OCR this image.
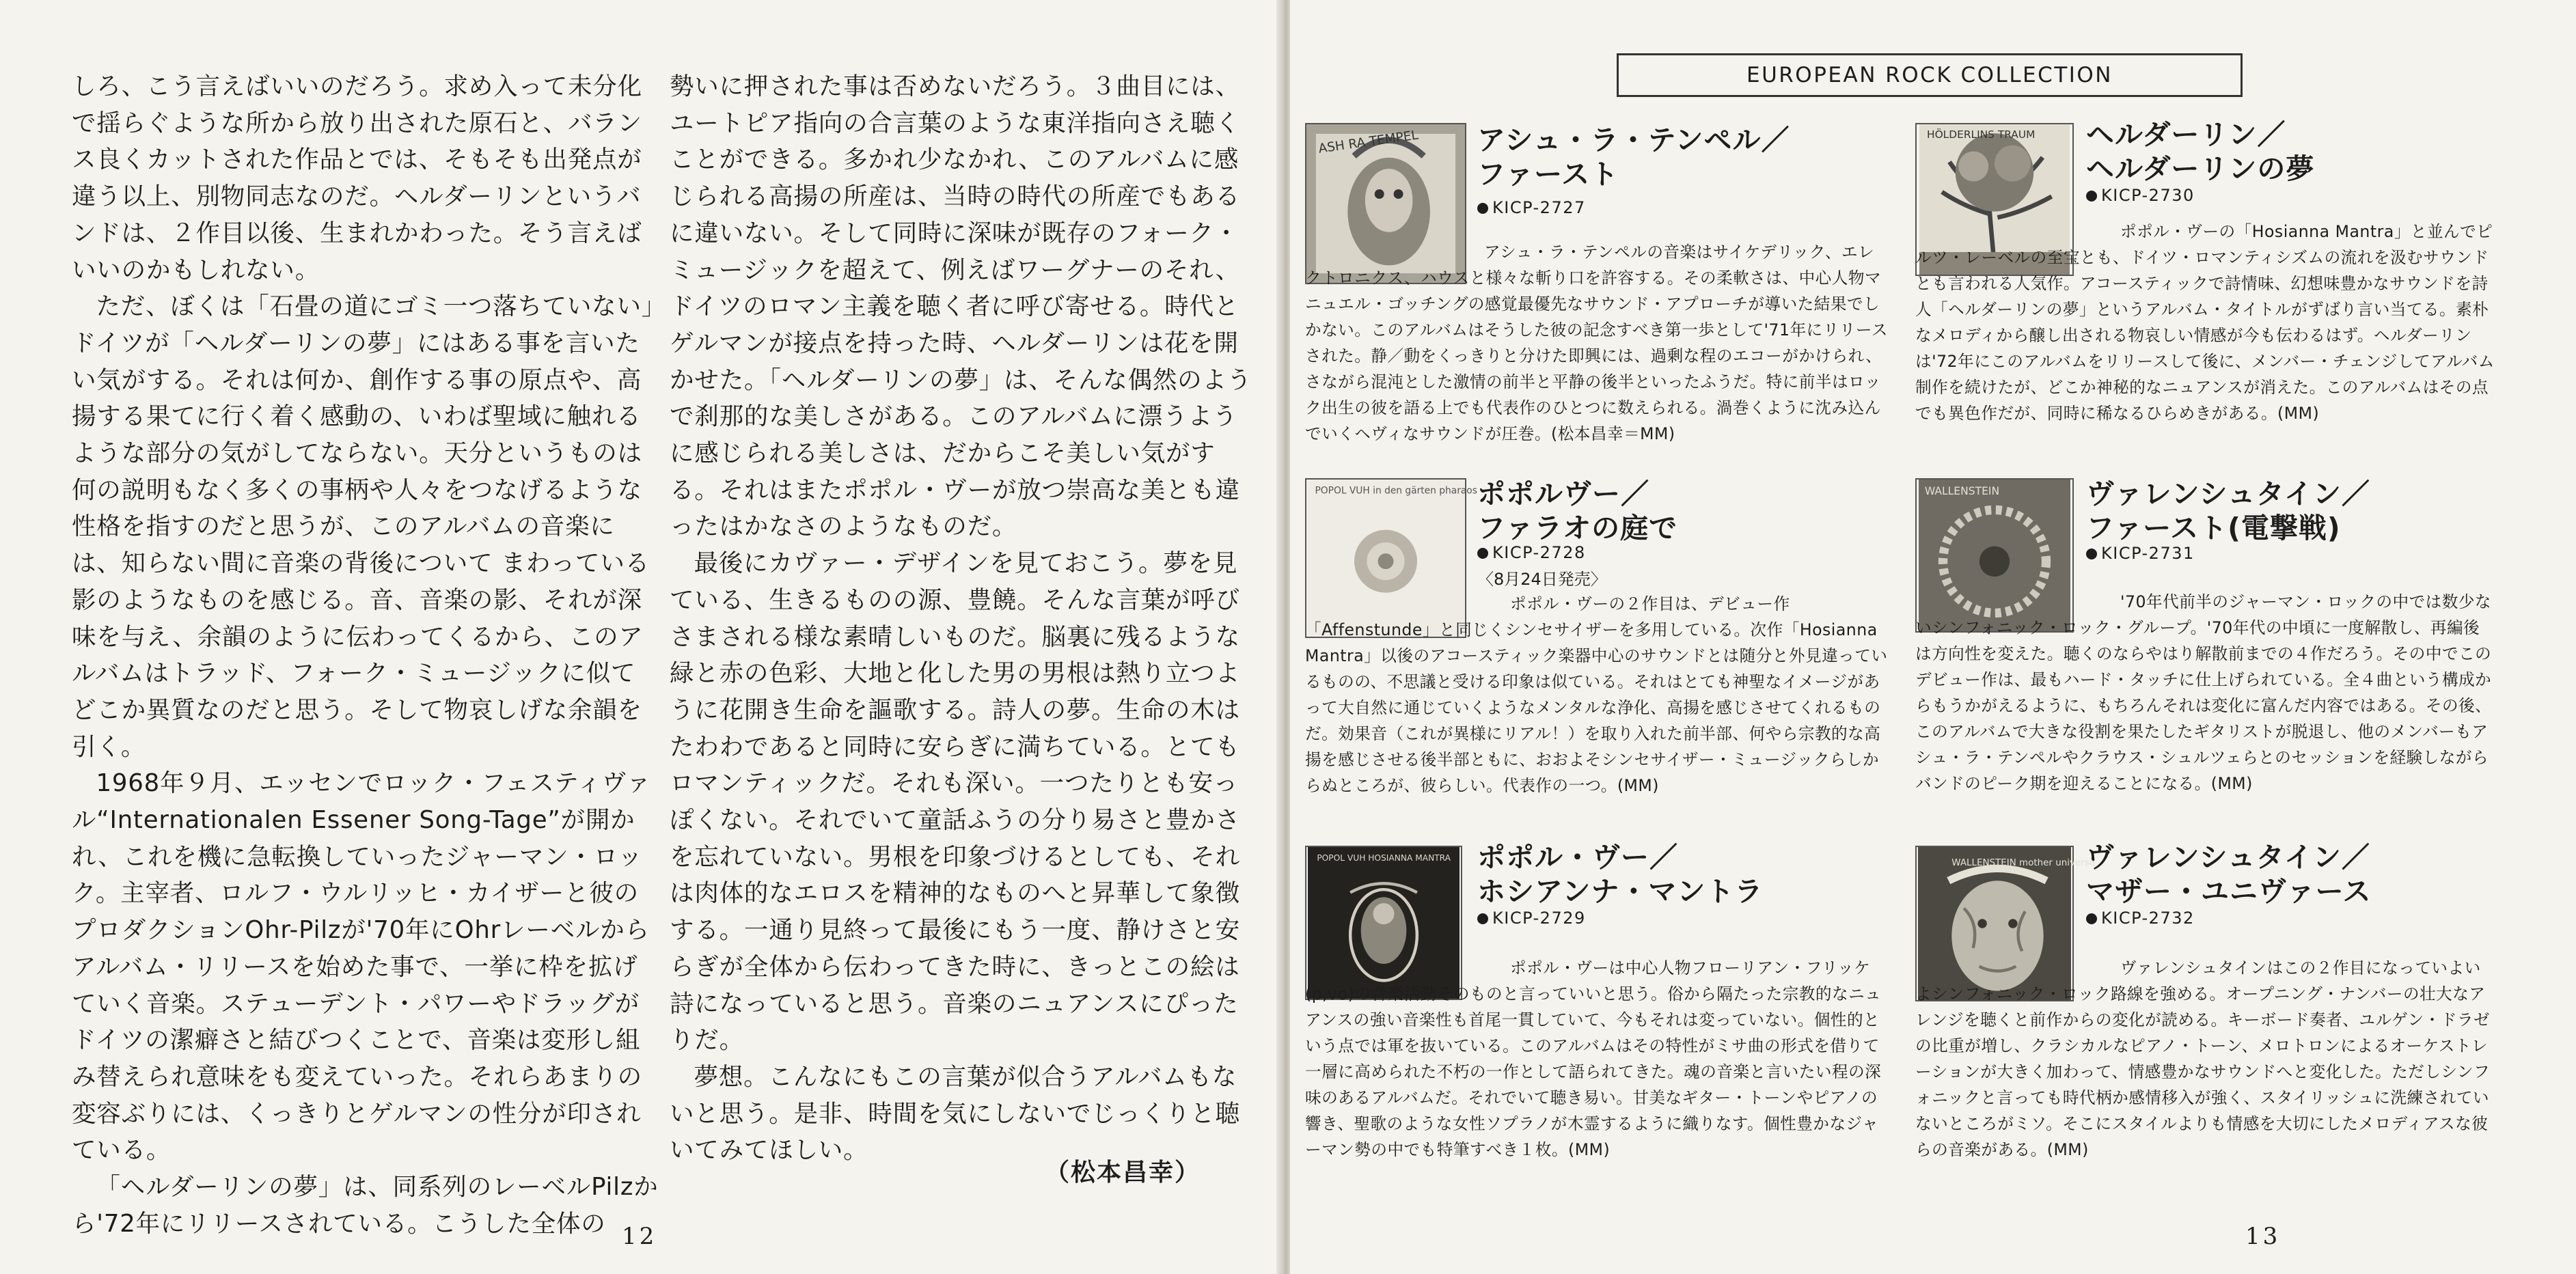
しろ、こう言えばいいのだろう。求め入って未分化で揺らぐような所から放り出された原石と、バランス良くカットされた作品とでは、そもそも出発点が違う以上、別物同志なのだ。ヘルダーリンというバンドは、２作目以後、生まれかわった。そう言えばいいのかもしれない。

ただ、ぼくは「石畳の道にゴミ一つ落ちていない」ドイツが「ヘルダーリンの夢」にはある事を言いたい気がする。それは何か、創作する事の原点や、高揚する果てに行く着く感動の、いわば聖域に触れるような部分の気がしてならない。天分というものは何の説明もなく多くの事柄や人々をつなげるような性格を指すのだと思うが、このアルバムの音楽には、知らない間に音楽の背後について まわっている影のようなものを感じる。音、音楽の影、それが深味を与え、余韻のように伝わってくるから、このアルバムはトラッド、フォーク・ミュージックに似てどこか異質なのだと思う。そして物哀しげな余韻を引く。

1968年９月、エッセンでロック・フェスティヴァル“Internationalen Essener Song-Tage”が開かれ、これを機に急転換していったジャーマン・ロック。主宰者、ロルフ・ウルリッヒ・カイザーと彼のプロダクションOhr-Pilzが'70年にOhrレーベルからアルバム・リリースを始めた事で、一挙に枠を拡げていく音楽。ステューデント・パワーやドラッグがドイツの潔癖さと結びつくことで、音楽は変形し組み替えられ意味をも変えていった。それらあまりの変容ぶりには、くっきりとゲルマンの性分が印されている。

「ヘルダーリンの夢」は、同系列のレーベルPilzから'72年にリリースされている。こうした全体の

勢いに押された事は否めないだろう。３曲目には、ユートピア指向の合言葉のような東洋指向さえ聴くことができる。多かれ少なかれ、このアルバムに感じられる高揚の所産は、当時の時代の所産でもあるに違いない。そして同時に深味が既存のフォーク・ミュージックを超えて、例えばワーグナーのそれ、ドイツのロマン主義を聴く者に呼び寄せる。時代とゲルマンが接点を持った時、ヘルダーリンは花を開かせた。「ヘルダーリンの夢」は、そんな偶然のようで刹那的な美しさがある。このアルバムに漂うように感じられる美しさは、だからこそ美しい気がする。それはまたポポル・ヴーが放つ崇高な美とも違ったはかなさのようなものだ。

最後にカヴァー・デザインを見ておこう。夢を見ている、生きるものの源、豊饒。そんな言葉が呼びさまされる様な素晴しいものだ。脳裏に残るような緑と赤の色彩、大地と化した男の男根は熱り立つように花開き生命を謳歌する。詩人の夢。生命の木はたわわであると同時に安らぎに満ちている。とてもロマンティックだ。それも深い。一つたりとも安っぽくない。それでいて童話ふうの分り易さと豊かさを忘れていない。男根を印象づけるとしても、それは肉体的なエロスを精神的なものへと昇華して象徴する。一通り見終って最後にもう一度、静けさと安らぎが全体から伝わってきた時に、きっとこの絵は詩になっていると思う。音楽のニュアンスにぴったりだ。

夢想。こんなにもこの言葉が似合うアルバムもないと思う。是非、時間を気にしないでじっくりと聴いてみてほしい。

（松本昌幸）
12
EUROPEAN ROCK COLLECTION
ASH RA TEMPEL アシュ・ラ・テンペル／
ファースト
KICP-2727

アシュ・ラ・テンペルの音楽はサイケデリック、エレクトロニクス、ハウスと様々な斬り口を許容する。その柔軟さは、中心人物マニュエル・ゴッチングの感覚最優先なサウンド・アプローチが導いた結果でしかない。このアルバムはそうした彼の記念すべき第一歩として'71年にリリースされた。静／動をくっきりと分けた即興には、過剰な程のエコーがかけられ、さながら混沌とした激情の前半と平静の後半といったふうだ。特に前半はロック出生の彼を語る上でも代表作のひとつに数えられる。渦巻くように沈み込んでいくヘヴィなサウンドが圧巻。(松本昌幸＝MM)

HÖLDERLINS TRAUM ヘルダーリン／
ヘルダーリンの夢
KICP-2730

ポポル・ヴーの「Hosianna Mantra」と並んでピルツ・レーベルの至宝とも、ドイツ・ロマンティシズムの流れを汲むサウンドとも言われる人気作。アコースティックで詩情味、幻想味豊かなサウンドを詩人「ヘルダーリンの夢」というアルバム・タイトルがずばり言い当てる。素朴なメロディから醸し出される物哀しい情感が今も伝わるはず。ヘルダーリンは'72年にこのアルバムをリリースして後に、メンバー・チェンジしてアルバム制作を続けたが、どこか神秘的なニュアンスが消えた。このアルバムはその点でも異色作だが、同時に稀なるひらめきがある。(MM)

POPOL VUH in den gärten pharaos ポポルヴー／
ファラオの庭で
KICP-2728
〈8月24日発売〉

ポポル・ヴーの２作目は、デビュー作「Affenstunde」と同じくシンセサイザーを多用している。次作「Hosianna Mantra」以後のアコースティック楽器中心のサウンドとは随分と外見違っているものの、不思議と受ける印象は似ている。それはとても神聖なイメージがあって大自然に通じていくようなメンタルな浄化、高揚を感じさせてくれるものだ。効果音（これが異様にリアル！）を取り入れた前半部、何やら宗教的な高揚を感じさせる後半部ともに、おおよそシンセサイザー・ミュージックらしからぬところが、彼らしい。代表作の一つ。(MM)

WALLENSTEIN	ヴァレンシュタイン／
ファースト(電撃戦)
KICP-2731

'70年代前半のジャーマン・ロックの中では数少ないシンフォニック・ロック・グループ。'70年代の中頃に一度解散し、再編後は方向性を変えた。聴くのならやはり解散前までの４作だろう。その中でこのデビュー作は、最もハード・タッチに仕上げられている。全４曲という構成からもうかがえるように、もちろんそれは変化に富んだ内容ではある。その後、このアルバムで大きな役割を果たしたギタリストが脱退し、他のメンバーもアシュ・ラ・テンペルやクラウス・シュルツェらとのセッションを経験しながらバンドのピーク期を迎えることになる。(MM)

POPOL VUH HOSIANNA MANTRA ポポル・ヴー／
ホシアンナ・マントラ
KICP-2729

ポポル・ヴーは中心人物フローリアン・フリッケ(p,vo)の音楽活動そのものと言っていいと思う。俗から隔たった宗教的なニュアンスの強い音楽性も首尾一貫していて、今もそれは変っていない。個性的という点では軍を抜いている。このアルバムはその特性がミサ曲の形式を借りて一層に高められた不朽の一作として語られてきた。魂の音楽と言いたい程の深味のあるアルバムだ。それでいて聴き易い。甘美なギター・トーンやピアノの響き、聖歌のような女性ソプラノが木霊するように織りなす。個性豊かなジャーマン勢の中でも特筆すべき１枚。(MM)

WALLENSTEIN mother universe
ヴァレンシュタイン／
マザー・ユニヴァース
KICP-2732

ヴァレンシュタインはこの２作目になっていよいよシンフォニック・ロック路線を強める。オープニング・ナンバーの壮大なアレンジを聴くと前作からの変化が読める。キーボード奏者、ユルゲン・ドラゼの比重が増し、クラシカルなピアノ・トーン、メロトロンによるオーケストレーションが大きく加わって、情感豊かなサウンドへと変化した。ただしシンフォニックと言っても時代柄か感情移入が強く、スタイリッシュに洗練されていないところがミソ。そこにスタイルよりも情感を大切にしたメロディアスな彼らの音楽がある。(MM)

13
